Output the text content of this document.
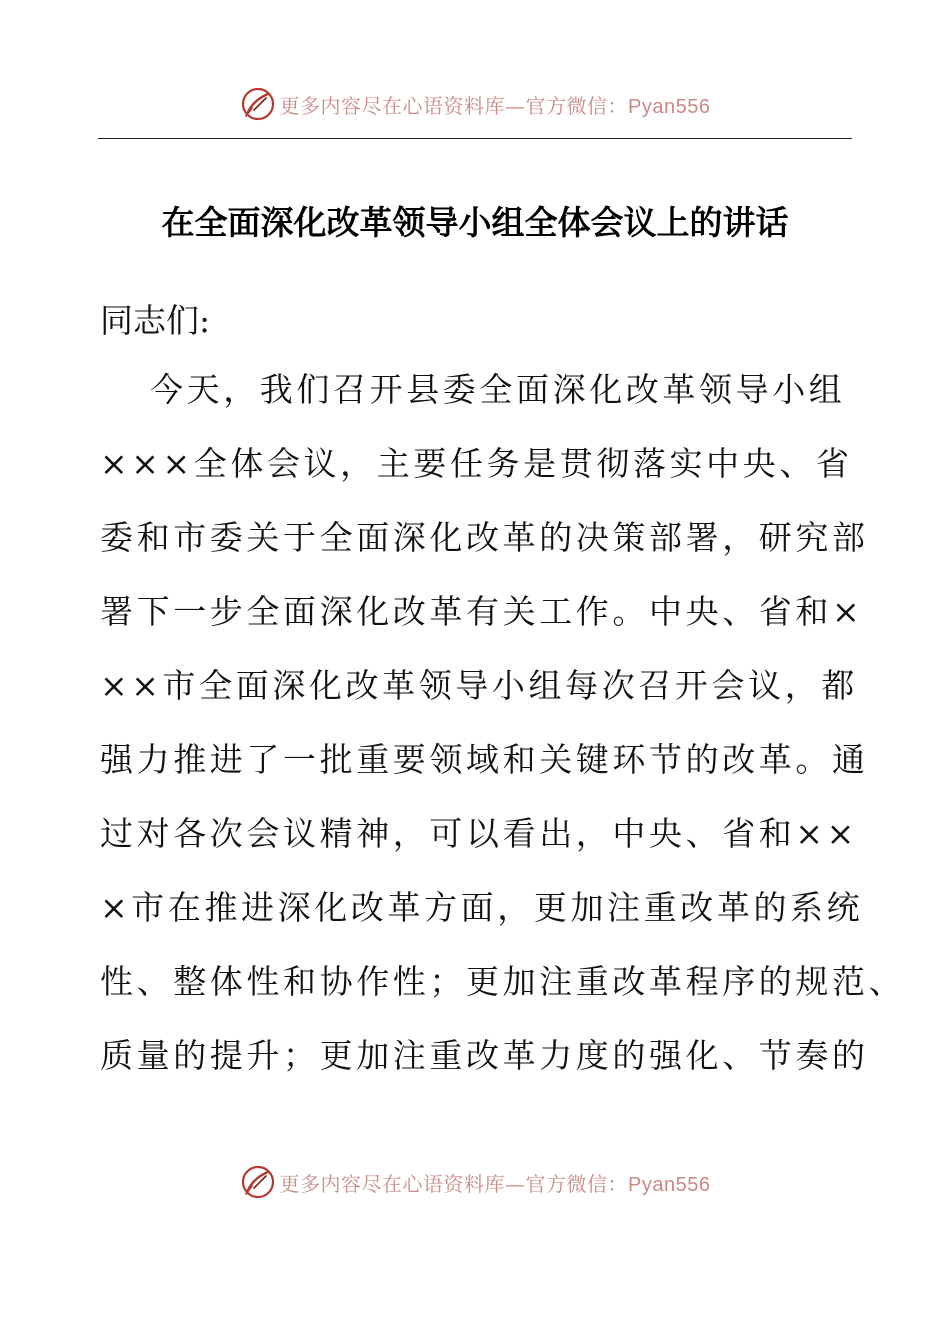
更多内容尽在心语资料库—官方微信：Pyan556
在全面深化改革领导小组全体会议上的讲话
同志们:
今天，我们召开县委全面深化改革领导小组
×××全体会议，主要任务是贯彻落实中央、省
委和市委关于全面深化改革的决策部署，研究部
署下一步全面深化改革有关工作。中央、省和×
××市全面深化改革领导小组每次召开会议，都
强力推进了一批重要领域和关键环节的改革。通
过对各次会议精神，可以看出，中央、省和××
×市在推进深化改革方面，更加注重改革的系统
性、整体性和协作性；更加注重改革程序的规范、
质量的提升；更加注重改革力度的强化、节奏的
更多内容尽在心语资料库—官方微信：Pyan556
